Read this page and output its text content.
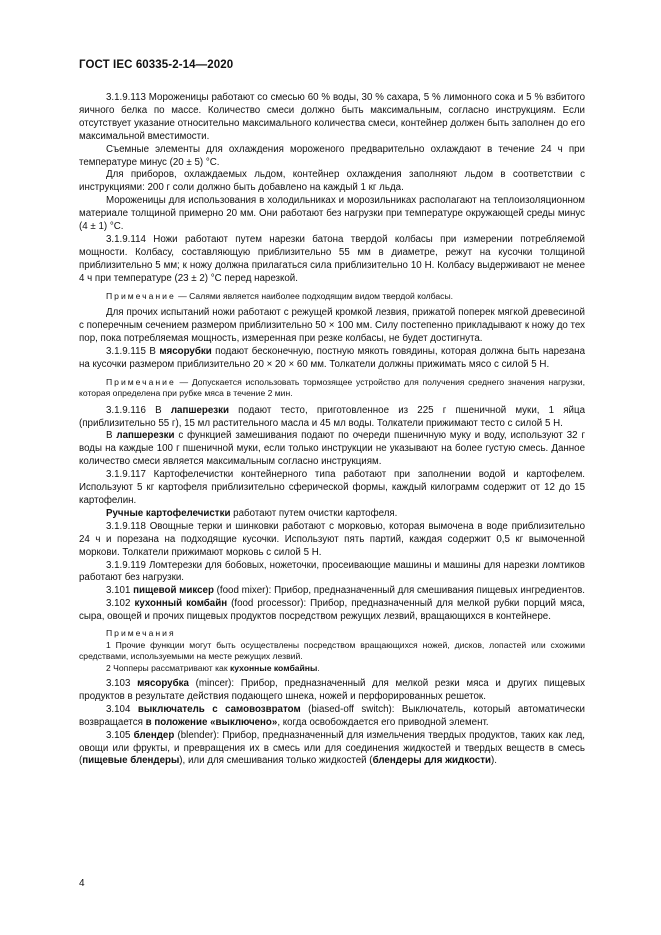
ГОСТ IEC 60335-2-14—2020

3.1.9.113 Мороженицы работают со смесью 60 % воды, 30 % сахара, 5 % лимонного сока и 5 % взбитого яичного белка по массе. Количество смеси должно быть максимальным, согласно инструкциям. Если отсутствует указание относительно максимального количества смеси, контейнер должен быть заполнен до его максимальной вместимости.

Съемные элементы для охлаждения мороженого предварительно охлаждают в течение 24 ч при температуре минус (20 ± 5) °С.

Для приборов, охлаждаемых льдом, контейнер охлаждения заполняют льдом в соответствии с инструкциями: 200 г соли должно быть добавлено на каждый 1 кг льда.

Мороженицы для использования в холодильниках и морозильниках располагают на теплоизоляционном материале толщиной примерно 20 мм. Они работают без нагрузки при температуре окружающей среды минус (4 ± 1) °С.

3.1.9.114 Ножи работают путем нарезки батона твердой колбасы при измерении потребляемой мощности. Колбасу, составляющую приблизительно 55 мм в диаметре, режут на кусочки толщиной приблизительно 5 мм; к ножу должна прилагаться сила приблизительно 10 Н. Колбасу выдерживают не менее 4 ч при температуре (23 ± 2) °С перед нарезкой.

Примечание — Салями является наиболее подходящим видом твердой колбасы.

Для прочих испытаний ножи работают с режущей кромкой лезвия, прижатой поперек мягкой древесиной с поперечным сечением размером приблизительно 50 × 100 мм. Силу постепенно прикладывают к ножу до тех пор, пока потребляемая мощность, измеренная при резке колбасы, не будет достигнута.

3.1.9.115 В мясорубки подают бесконечную, постную мякоть говядины, которая должна быть нарезана на кусочки размером приблизительно 20 × 20 × 60 мм. Толкатели должны прижимать мясо с силой 5 Н.

Примечание — Допускается использовать тормозящее устройство для получения среднего значения нагрузки, которая определена при рубке мяса в течение 2 мин.

3.1.9.116 В лапшерезки подают тесто, приготовленное из 225 г пшеничной муки, 1 яйца (приблизительно 55 г), 15 мл растительного масла и 45 мл воды. Толкатели прижимают тесто с силой 5 Н.

В лапшерезки с функцией замешивания подают по очереди пшеничную муку и воду, используют 32 г воды на каждые 100 г пшеничной муки, если только инструкции не указывают на более густую смесь. Данное количество смеси является максимальным согласно инструкциям.

3.1.9.117 Картофелечистки контейнерного типа работают при заполнении водой и картофелем. Используют 5 кг картофеля приблизительно сферической формы, каждый килограмм содержит от 12 до 15 картофелин.

Ручные картофелечистки работают путем очистки картофеля.

3.1.9.118 Овощные терки и шинковки работают с морковью, которая вымочена в воде приблизительно 24 ч и порезана на подходящие кусочки. Используют пять партий, каждая содержит 0,5 кг вымоченной моркови. Толкатели прижимают морковь с силой 5 Н.

3.1.9.119 Ломтерезки для бобовых, ножеточки, просеивающие машины и машины для нарезки ломтиков работают без нагрузки.

3.101 пищевой миксер (food mixer): Прибор, предназначенный для смешивания пищевых ингредиентов.

3.102 кухонный комбайн (food processor): Прибор, предназначенный для мелкой рубки порций мяса, сыра, овощей и прочих пищевых продуктов посредством режущих лезвий, вращающихся в контейнере.

Примечания

1 Прочие функции могут быть осуществлены посредством вращающихся ножей, дисков, лопастей или схожими средствами, используемыми на месте режущих лезвий.

2 Чопперы рассматривают как кухонные комбайны.

3.103 мясорубка (mincer): Прибор, предназначенный для мелкой резки мяса и других пищевых продуктов в результате действия подающего шнека, ножей и перфорированных решеток.

3.104 выключатель с самовозвратом (biased-off switch): Выключатель, который автоматически возвращается в положение «выключено», когда освобождается его приводной элемент.

3.105 блендер (blender): Прибор, предназначенный для измельчения твердых продуктов, таких как лед, овощи или фрукты, и превращения их в смесь или для соединения жидкостей и твердых веществ в смесь (пищевые блендеры), или для смешивания только жидкостей (блендеры для жидкости).

4
